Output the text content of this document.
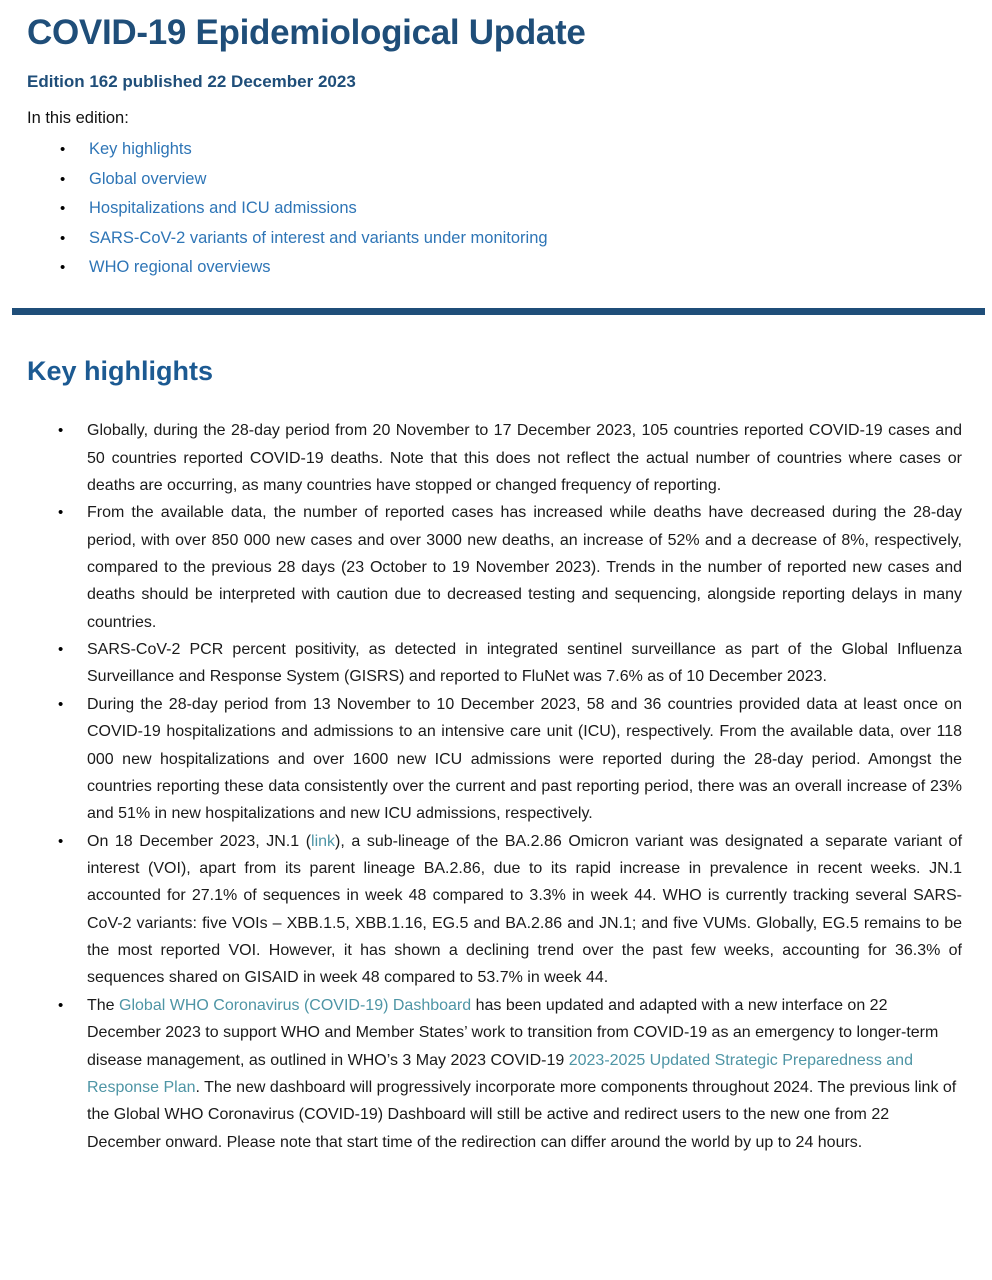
COVID-19 Epidemiological Update
Edition 162 published 22 December 2023
In this edition:
•	Key highlights
•	Global overview
•	Hospitalizations and ICU admissions
•	SARS-CoV-2 variants of interest and variants under monitoring
•	WHO regional overviews
Key highlights
•	Globally, during the 28-day period from 20 November to 17 December 2023, 105 countries reported COVID-19 cases and 50 countries reported COVID-19 deaths. Note that this does not reflect the actual number of countries where cases or deaths are occurring, as many countries have stopped or changed frequency of reporting.
•	From the available data, the number of reported cases has increased while deaths have decreased during the 28-day period, with over 850 000 new cases and over 3000 new deaths, an increase of 52% and a decrease of 8%, respectively, compared to the previous 28 days (23 October to 19 November 2023). Trends in the number of reported new cases and deaths should be interpreted with caution due to decreased testing and sequencing, alongside reporting delays in many countries.
•	SARS-CoV-2 PCR percent positivity, as detected in integrated sentinel surveillance as part of the Global Influenza Surveillance and Response System (GISRS) and reported to FluNet was 7.6% as of 10 December 2023.
•	During the 28-day period from 13 November to 10 December 2023, 58 and 36 countries provided data at least once on COVID-19 hospitalizations and admissions to an intensive care unit (ICU), respectively. From the available data, over 118 000 new hospitalizations and over 1600 new ICU admissions were reported during the 28-day period. Amongst the countries reporting these data consistently over the current and past reporting period, there was an overall increase of 23% and 51% in new hospitalizations and new ICU admissions, respectively.
•	On 18 December 2023, JN.1 (link), a sub-lineage of the BA.2.86 Omicron variant was designated a separate variant of interest (VOI), apart from its parent lineage BA.2.86, due to its rapid increase in prevalence in recent weeks. JN.1 accounted for 27.1% of sequences in week 48 compared to 3.3% in week 44. WHO is currently tracking several SARS-CoV-2 variants: five VOIs – XBB.1.5, XBB.1.16, EG.5 and BA.2.86 and JN.1; and five VUMs. Globally, EG.5 remains to be the most reported VOI. However, it has shown a declining trend over the past few weeks, accounting for 36.3% of sequences shared on GISAID in week 48 compared to 53.7% in week 44.
•	The Global WHO Coronavirus (COVID-19) Dashboard has been updated and adapted with a new interface on 22 December 2023 to support WHO and Member States’ work to transition from COVID-19 as an emergency to longer-term disease management, as outlined in WHO’s 3 May 2023 COVID-19 2023-2025 Updated Strategic Preparedness and Response Plan. The new dashboard will progressively incorporate more components throughout 2024. The previous link of the Global WHO Coronavirus (COVID-19) Dashboard will still be active and redirect users to the new one from 22 December onward. Please note that start time of the redirection can differ around the world by up to 24 hours.
